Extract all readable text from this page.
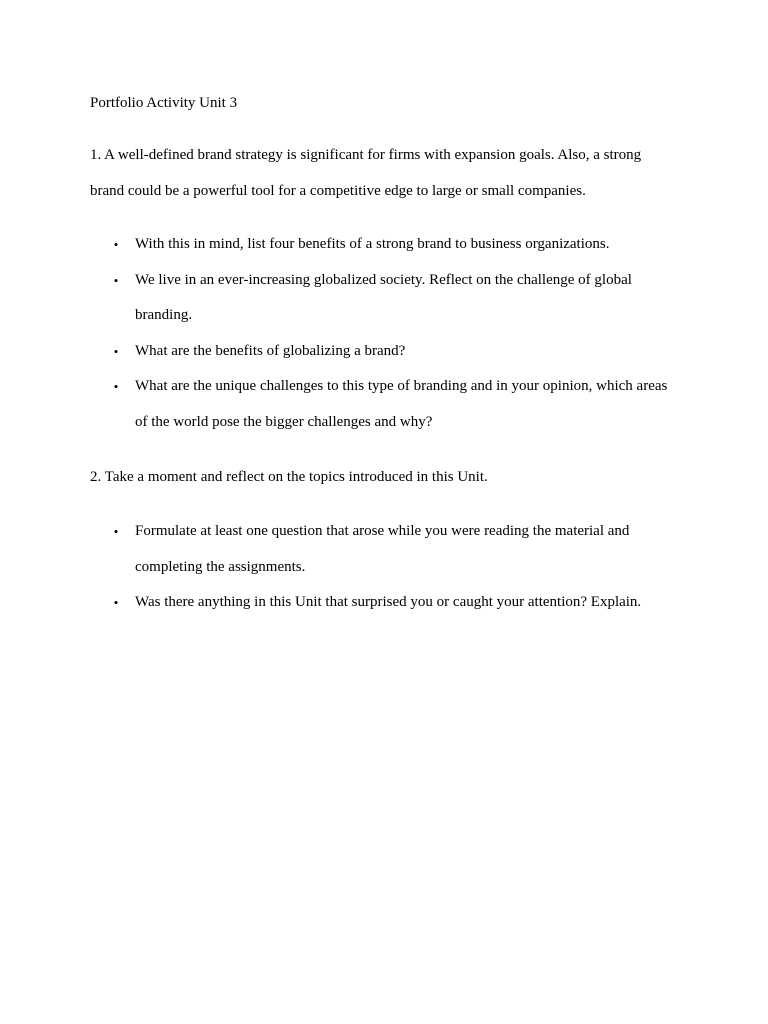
Portfolio Activity Unit 3

1. A well-defined brand strategy is significant for firms with expansion goals. Also, a strong brand could be a powerful tool for a competitive edge to large or small companies.

• With this in mind, list four benefits of a strong brand to business organizations.
• We live in an ever-increasing globalized society. Reflect on the challenge of global branding.
• What are the benefits of globalizing a brand?
• What are the unique challenges to this type of branding and in your opinion, which areas of the world pose the bigger challenges and why?

2. Take a moment and reflect on the topics introduced in this Unit.

• Formulate at least one question that arose while you were reading the material and completing the assignments.
• Was there anything in this Unit that surprised you or caught your attention? Explain.
